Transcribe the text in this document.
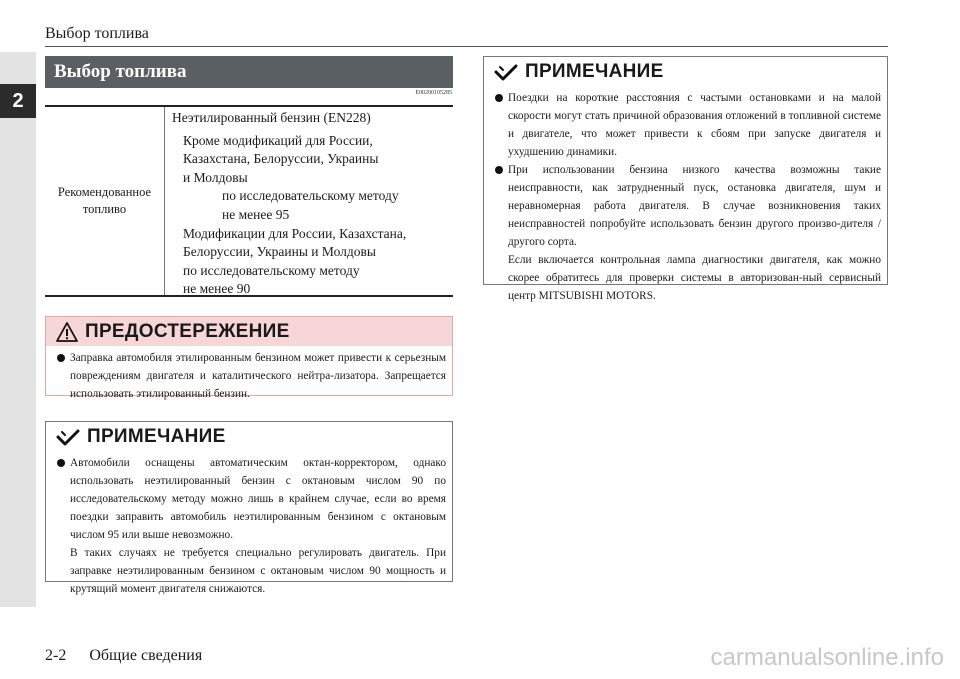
2
Выбор топлива
Выбор топлива
E00200105285
Рекомендованное топливо
Неэтилированный бензин (EN228)
Кроме модификаций для России,
Казахстана, Белоруссии, Украины
и Молдовы
по исследовательскому методу
не менее 95
Модификации для России, Казахстана,
Белоруссии, Украины и Молдовы
по исследовательскому методу
не менее 90
ПРЕДОСТЕРЕЖЕНИЕ
Заправка автомобиля этилированным бензином может привести к серьезным повреждениям двигателя и каталитического нейтра-лизатора. Запрещается использовать этилированный бензин.
ПРИМЕЧАНИЕ
Автомобили оснащены автоматическим октан-корректором, однако использовать неэтилированный бензин с октановым числом 90 по исследовательскому методу можно лишь в крайнем случае, если во время поездки заправить автомобиль неэтилированным бензином с октановым числом 95 или выше невозможно.
В таких случаях не требуется специально регулировать двигатель. При заправке неэтилированным бензином с октановым числом 90 мощность и крутящий момент двигателя снижаются.
ПРИМЕЧАНИЕ
Поездки на короткие расстояния с частыми остановками и на малой скорости могут стать причиной образования отложений в топливной системе и двигателе, что может привести к сбоям при запуске двигателя и ухудшению динамики.
При использовании бензина низкого качества возможны такие неисправности, как затрудненный пуск, остановка двигателя, шум и неравномерная работа двигателя. В случае возникновения таких неисправностей попробуйте использовать бензин другого произво-дителя / другого сорта.
Если включается контрольная лампа диагностики двигателя, как можно скорее обратитесь для проверки системы в авторизован-ный сервисный центр MITSUBISHI MOTORS.
2-2 Общие сведения	carmanualsonline.info
